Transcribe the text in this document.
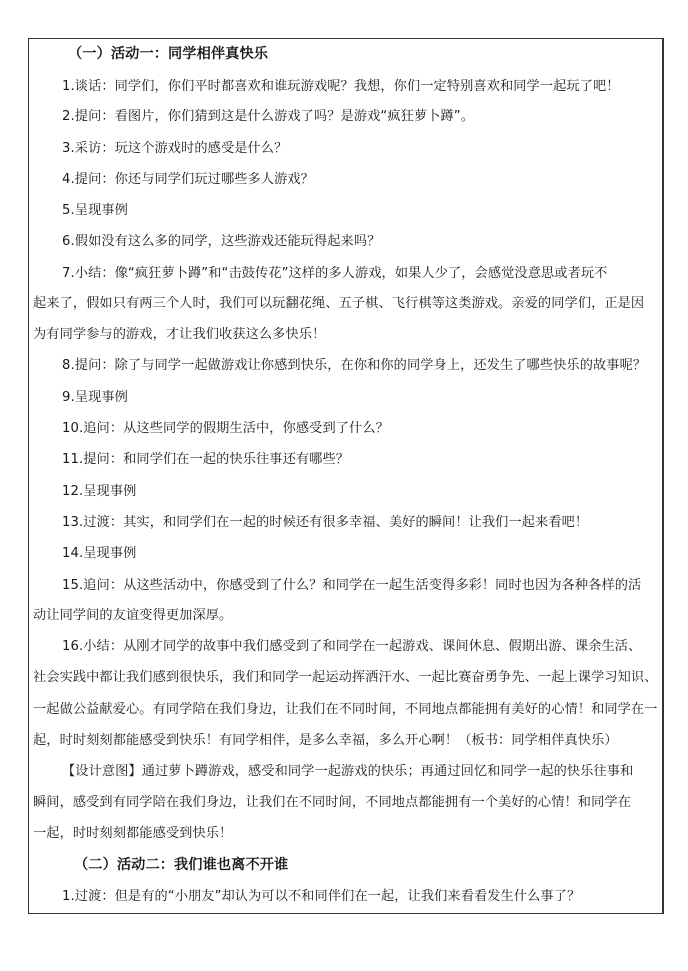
（一）活动一：同学相伴真快乐
1.谈话：同学们，你们平时都喜欢和谁玩游戏呢？我想，你们一定特别喜欢和同学一起玩了吧！
2.提问：看图片，你们猜到这是什么游戏了吗？是游戏“疯狂萝卜蹲”。
3.采访：玩这个游戏时的感受是什么？
4.提问：你还与同学们玩过哪些多人游戏？
5.呈现事例
6.假如没有这么多的同学，这些游戏还能玩得起来吗？
7.小结：像“疯狂萝卜蹲”和“击鼓传花”这样的多人游戏，如果人少了，会感觉没意思或者玩不
起来了，假如只有两三个人时，我们可以玩翻花绳、五子棋、飞行棋等这类游戏。亲爱的同学们，正是因
为有同学参与的游戏，才让我们收获这么多快乐！
8.提问：除了与同学一起做游戏让你感到快乐，在你和你的同学身上，还发生了哪些快乐的故事呢？
9.呈现事例
10.追问：从这些同学的假期生活中，你感受到了什么？
11.提问：和同学们在一起的快乐往事还有哪些？
12.呈现事例
13.过渡：其实，和同学们在一起的时候还有很多幸福、美好的瞬间！让我们一起来看吧！
14.呈现事例
15.追问：从这些活动中，你感受到了什么？和同学在一起生活变得多彩！同时也因为各种各样的活
动让同学间的友谊变得更加深厚。
16.小结：从刚才同学的故事中我们感受到了和同学在一起游戏、课间休息、假期出游、课余生活、
社会实践中都让我们感到很快乐，我们和同学一起运动挥洒汗水、一起比赛奋勇争先、一起上课学习知识、
一起做公益献爱心。有同学陪在我们身边，让我们在不同时间，不同地点都能拥有美好的心情！和同学在一
起，时时刻刻都能感受到快乐！有同学相伴，是多么幸福，多么开心啊！（板书：同学相伴真快乐）
【设计意图】通过萝卜蹲游戏，感受和同学一起游戏的快乐；再通过回忆和同学一起的快乐往事和
瞬间，感受到有同学陪在我们身边，让我们在不同时间，不同地点都能拥有一个美好的心情！和同学在
一起，时时刻刻都能感受到快乐！
（二）活动二：我们谁也离不开谁
1.过渡：但是有的“小朋友”却认为可以不和同伴们在一起，让我们来看看发生什么事了？
